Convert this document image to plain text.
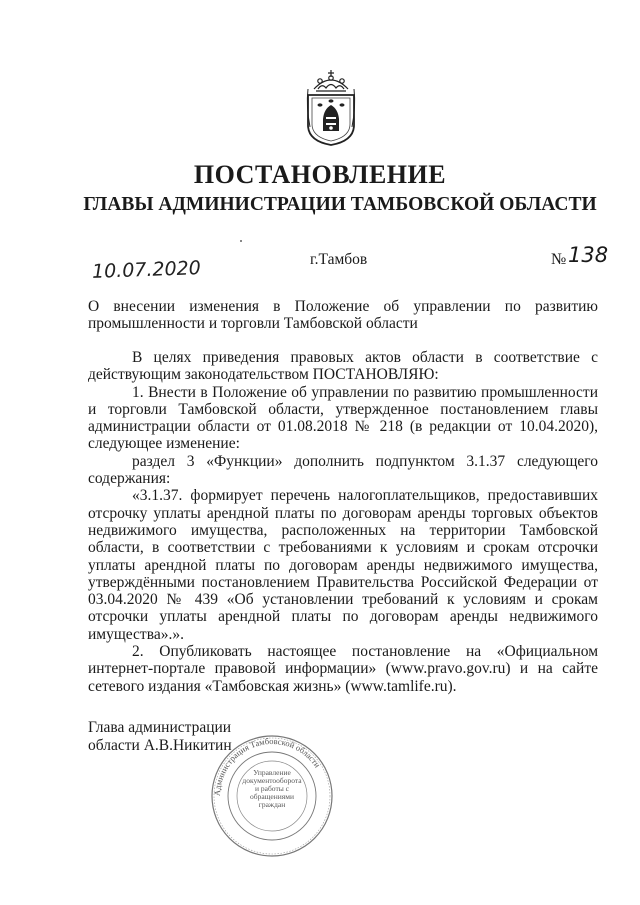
ПОСТАНОВЛЕНИЕ
ГЛАВЫ АДМИНИСТРАЦИИ ТАМБОВСКОЙ ОБЛАСТИ
10.07.2020	г.Тамбов	№ 138
О внесении изменения в Положение об управлении по развитию промышленности и торговли Тамбовской области

В целях приведения правовых актов области в соответствие с действующим законодательством ПОСТАНОВЛЯЮ:

1. Внести в Положение об управлении по развитию промышленности и торговли Тамбовской области, утвержденное постановлением главы администрации области от 01.08.2018 № 218 (в редакции от 10.04.2020), следующее изменение:

раздел 3 «Функции» дополнить подпунктом 3.1.37 следующего содержания:

«3.1.37. формирует перечень налогоплательщиков, предоставивших отсрочку уплаты арендной платы по договорам аренды торговых объектов недвижимого имущества, расположенных на территории Тамбовской области, в соответствии с требованиями к условиям и срокам отсрочки уплаты арендной платы по договорам аренды недвижимого имущества, утверждёнными постановлением Правительства Российской Федерации от 03.04.2020 № 439 «Об установлении требований к условиям и срокам отсрочки уплаты арендной платы по договорам аренды недвижимого имущества».».

2. Опубликовать настоящее постановление на «Официальном интернет-портале правовой информации» (www.pravo.gov.ru) и на сайте сетевого издания «Тамбовская жизнь» (www.tamlife.ru).

Глава администрации
области А.В.Никитин
Администрация Тамбовской области
Управление документооборота и работы с обращениями граждан
